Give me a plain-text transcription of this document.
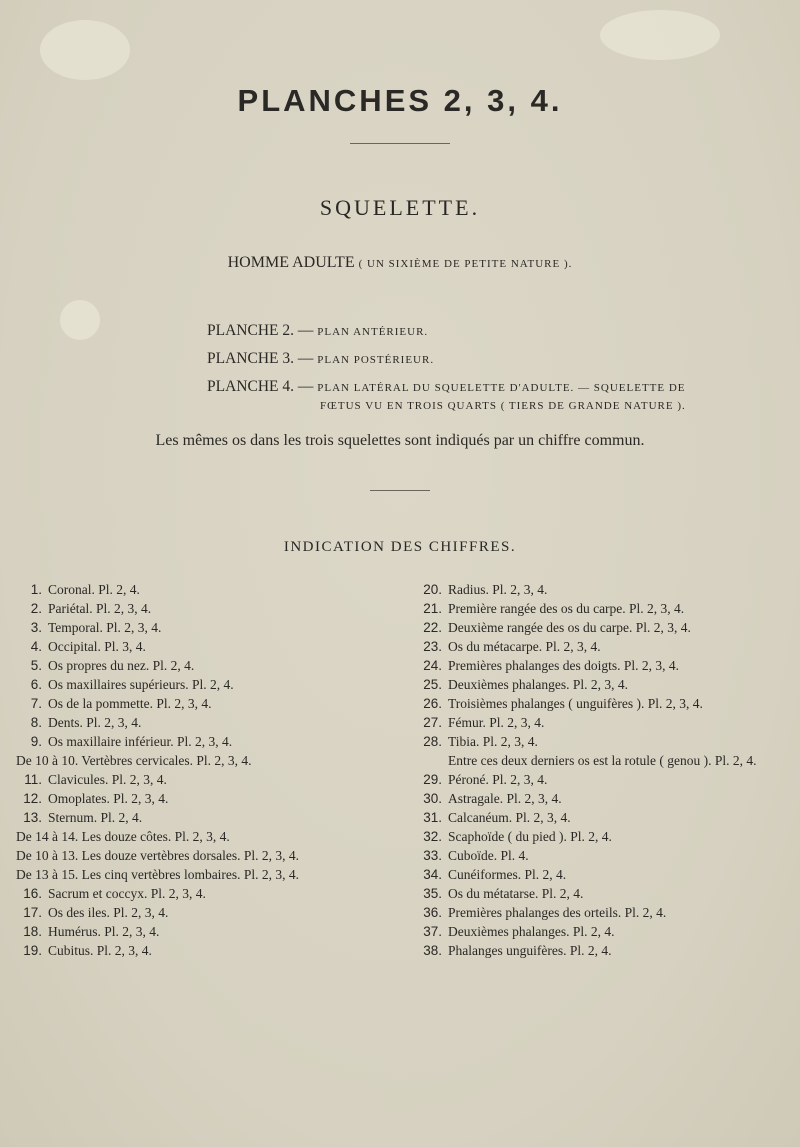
PLANCHES 2, 3, 4.
SQUELETTE.
HOMME ADULTE ( UN SIXIÈME DE PETITE NATURE ).
PLANCHE 2. — PLAN ANTÉRIEUR.
PLANCHE 3. — PLAN POSTÉRIEUR.
PLANCHE 4. — PLAN LATÉRAL DU SQUELETTE D'ADULTE. — SQUELETTE DE
FŒTUS VU EN TROIS QUARTS ( TIERS DE GRANDE NATURE ).
Les mêmes os dans les trois squelettes sont indiqués par un chiffre commun.
INDICATION DES CHIFFRES.
1. Coronal. Pl. 2, 4.
2. Pariétal. Pl. 2, 3, 4.
3. Temporal. Pl. 2, 3, 4.
4. Occipital. Pl. 3, 4.
5. Os propres du nez. Pl. 2, 4.
6. Os maxillaires supérieurs. Pl. 2, 4.
7. Os de la pommette. Pl. 2, 3, 4.
8. Dents. Pl. 2, 3, 4.
9. Os maxillaire inférieur. Pl. 2, 3, 4.
De 10 à 10. Vertèbres cervicales. Pl. 2, 3, 4.
11. Clavicules. Pl. 2, 3, 4.
12. Omoplates. Pl. 2, 3, 4.
13. Sternum. Pl. 2, 4.
De 14 à 14. Les douze côtes. Pl. 2, 3, 4.
De 10 à 13. Les douze vertèbres dorsales. Pl. 2, 3, 4.
De 13 à 15. Les cinq vertèbres lombaires. Pl. 2, 3, 4.
16. Sacrum et coccyx. Pl. 2, 3, 4.
17. Os des iles. Pl. 2, 3, 4.
18. Humérus. Pl. 2, 3, 4.
19. Cubitus. Pl. 2, 3, 4.
20. Radius. Pl. 2, 3, 4.
21. Première rangée des os du carpe. Pl. 2, 3, 4.
22. Deuxième rangée des os du carpe. Pl. 2, 3, 4.
23. Os du métacarpe. Pl. 2, 3, 4.
24. Premières phalanges des doigts. Pl. 2, 3, 4.
25. Deuxièmes phalanges. Pl. 2, 3, 4.
26. Troisièmes phalanges ( unguifères ). Pl. 2, 3, 4.
27. Fémur. Pl. 2, 3, 4.
28. Tibia. Pl. 2, 3, 4.
Entre ces deux derniers os est la rotule ( genou ). Pl. 2, 4.
29. Péroné. Pl. 2, 3, 4.
30. Astragale. Pl. 2, 3, 4.
31. Calcanéum. Pl. 2, 3, 4.
32. Scaphoïde ( du pied ). Pl. 2, 4.
33. Cuboïde. Pl. 4.
34. Cunéiformes. Pl. 2, 4.
35. Os du métatarse. Pl. 2, 4.
36. Premières phalanges des orteils. Pl. 2, 4.
37. Deuxièmes phalanges. Pl. 2, 4.
38. Phalanges unguifères. Pl. 2, 4.
